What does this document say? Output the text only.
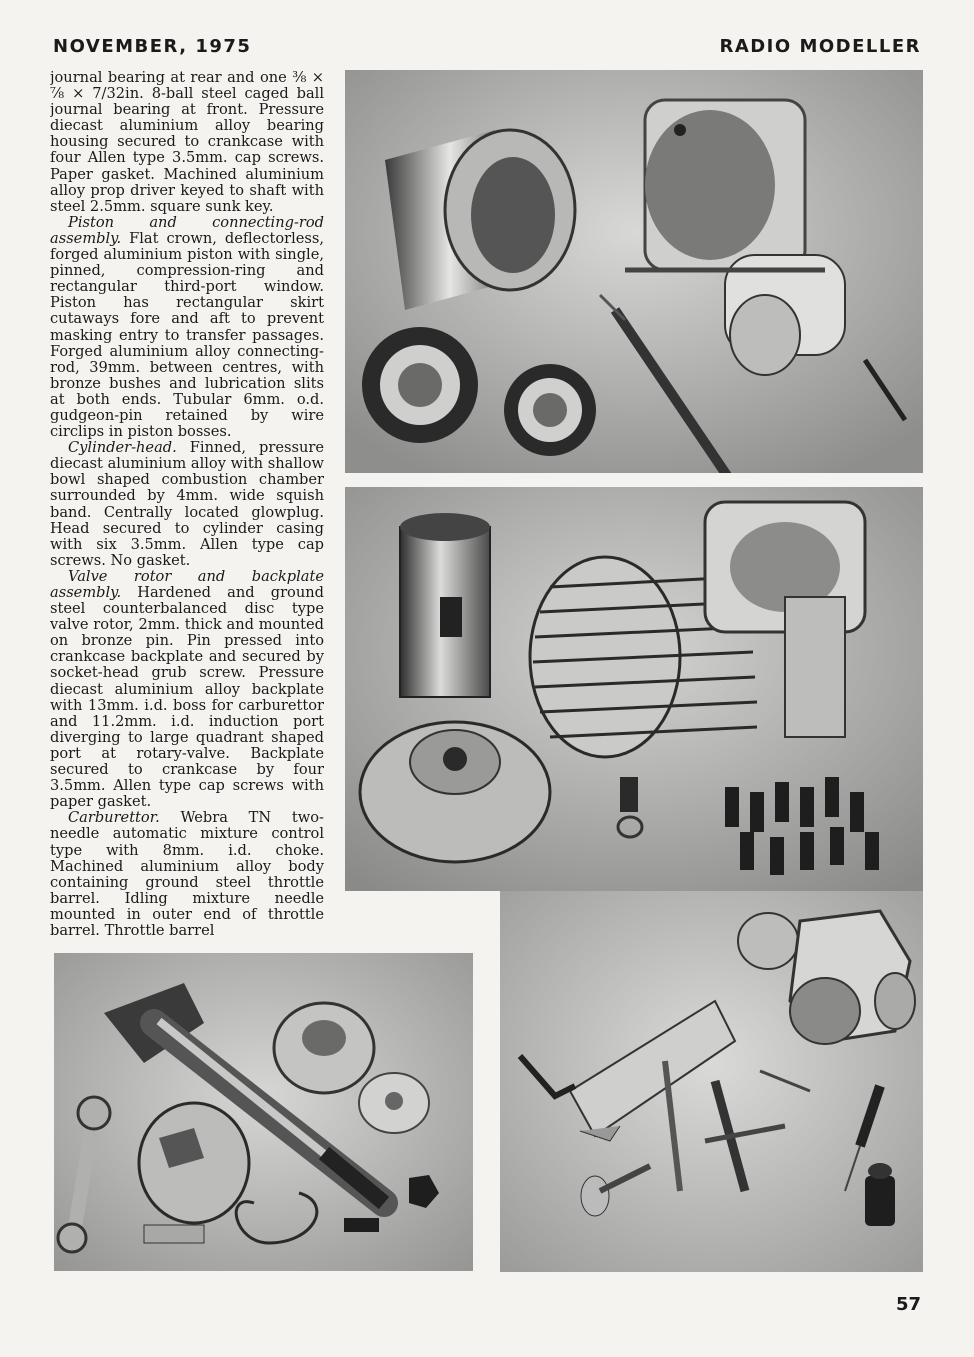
NOVEMBER, 1975	RADIO MODELLER

journal bearing at rear and one ⅜ × ⅞ × 7/32in. 8-ball steel caged ball journal bearing at front. Pressure diecast aluminium alloy bearing housing secured to crankcase with four Allen type 3.5mm. cap screws. Paper gasket. Machined aluminium alloy prop driver keyed to shaft with steel 2.5mm. square sunk key.

Piston and connecting-rod assembly. Flat crown, deflectorless, forged aluminium piston with single, pinned, compression-ring and rectangular third-port window. Piston has rectangular skirt cutaways fore and aft to prevent masking entry to transfer passages. Forged aluminium alloy connecting-rod, 39mm. between centres, with bronze bushes and lubrication slits at both ends. Tubular 6mm. o.d. gudgeon-pin retained by wire circlips in piston bosses.

Cylinder-head. Finned, pressure diecast aluminium alloy with shallow bowl shaped combustion chamber surrounded by 4mm. wide squish band. Centrally located glowplug. Head secured to cylinder casing with six 3.5mm. Allen type cap screws. No gasket.

Valve rotor and backplate assembly. Hardened and ground steel counterbalanced disc type valve rotor, 2mm. thick and mounted on bronze pin. Pin pressed into crankcase backplate and secured by socket-head grub screw. Pressure diecast aluminium alloy backplate with 13mm. i.d. boss for carburettor and 11.2mm. i.d. induction port diverging to large quadrant shaped port at rotary-valve. Backplate secured to crankcase by four 3.5mm. Allen type cap screws with paper gasket.

Carburettor. Webra TN two-needle automatic mixture control type with 8mm. i.d. choke. Machined aluminium alloy body containing ground steel throttle barrel. Idling mixture needle mounted in outer end of throttle barrel. Throttle barrel

57
